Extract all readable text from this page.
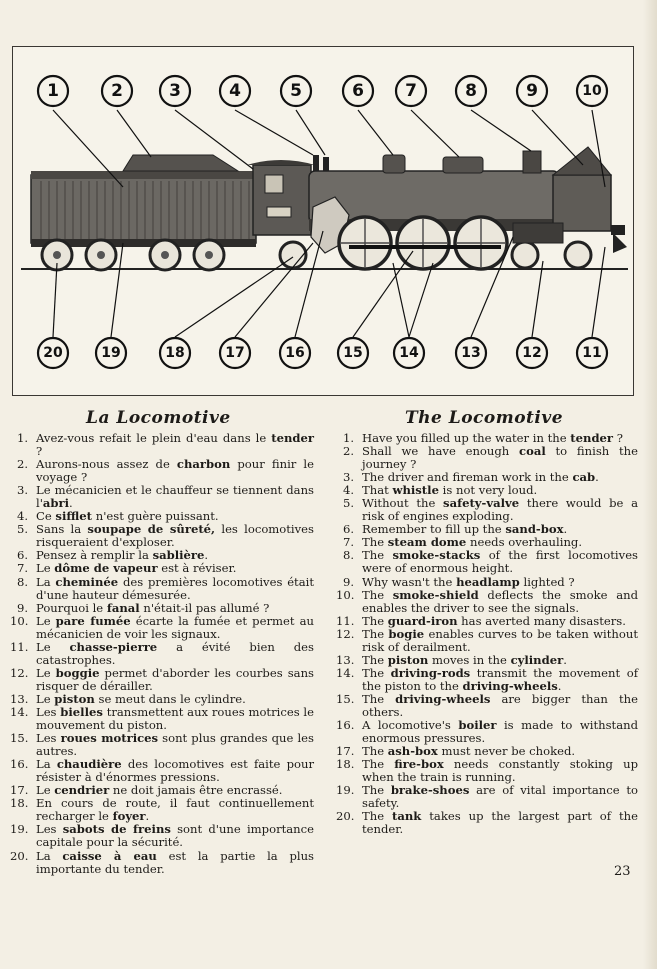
1	2	3	4	5	6 7	8	9	10
20	19	18	17	16	15	14	13	12	11
La Locomotive	The Locomotive
1. Avez-vous refait le plein d'eau dans le tender ?
2. Aurons-nous assez de charbon pour finir le voyage ?
3. Le mécanicien et le chauffeur se tiennent dans l'abri.
4. Ce sifflet n'est guère puissant.
5. Sans la soupape de sûreté, les locomotives risqueraient d'exploser.
6. Pensez à remplir la sablière.
7. Le dôme de vapeur est à réviser.
8. La cheminée des premières locomotives était d'une hauteur démesurée.
9. Pourquoi le fanal n'était-il pas allumé ?
10. Le pare fumée écarte la fumée et permet au mécanicien de voir les signaux.
11. Le chasse-pierre a évité bien des catastrophes.
12. Le boggie permet d'aborder les courbes sans risquer de dérailler.
13. Le piston se meut dans le cylindre.
14. Les bielles transmettent aux roues motrices le mouvement du piston.
15. Les roues motrices sont plus grandes que les autres.
16. La chaudière des locomotives est faite pour résister à d'énormes pressions.
17. Le cendrier ne doit jamais être encrassé.
18. En cours de route, il faut continuellement recharger le foyer.
19. Les sabots de freins sont d'une importance capitale pour la sécurité.
20. La caisse à eau est la partie la plus importante du tender.
1. Have you filled up the water in the tender ?
2. Shall we have enough coal to finish the journey ?
3. The driver and fireman work in the cab.
4. That whistle is not very loud.
5. Without the safety-valve there would be a risk of engines exploding.
6. Remember to fill up the sand-box.
7. The steam dome needs overhauling.
8. The smoke-stacks of the first locomotives were of enormous height.
9. Why wasn't the headlamp lighted ?
10. The smoke-shield deflects the smoke and enables the driver to see the signals.
11. The guard-iron has averted many disasters.
12. The bogie enables curves to be taken without risk of derailment.
13. The piston moves in the cylinder.
14. The driving-rods transmit the movement of the piston to the driving-wheels.
15. The driving-wheels are bigger than the others.
16. A locomotive's boiler is made to withstand enormous pressures.
17. The ash-box must never be choked.
18. The fire-box needs constantly stoking up when the train is running.
19. The brake-shoes are of vital importance to safety.
20. The tank takes up the largest part of the tender.
23
